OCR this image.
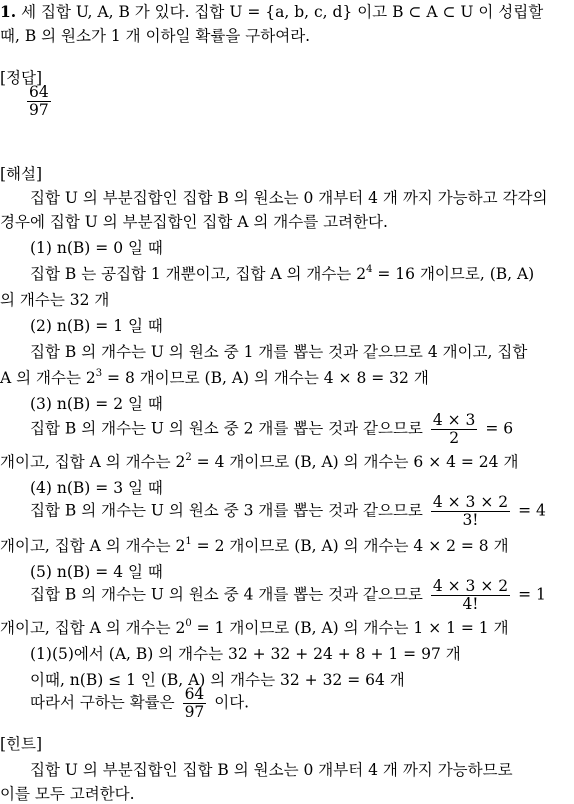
1. 세 집합 U, A, B 가 있다. 집합 U = {a, b, c, d} 이고 B ⊂ A ⊂ U 이 성립할
때, B 의 원소가 1 개 이하일 확률을 구하여라.
[정답]
$\frac{64}{97}$
[해설]
집합 U 의 부분집합인 집합 B 의 원소는 0 개부터 4 개 까지 가능하고 각각의
경우에 집합 U 의 부분집합인 집합 A 의 개수를 고려한다.
(1) n(B) = 0 일 때
집합 B 는 공집합 1 개뿐이고, 집합 A 의 개수는 $2^4 = 16$ 개이므로, (B, A)
의 개수는 32 개
(2) n(B) = 1 일 때
집합 B 의 개수는 U 의 원소 중 1 개를 뽑는 것과 같으므로 4 개이고, 집합
A 의 개수는 $2^3 = 8$ 개이므로 (B, A) 의 개수는 4 × 8 = 32 개
(3) n(B) = 2 일 때
집합 B 의 개수는 U 의 원소 중 2 개를 뽑는 것과 같으므로 $\frac{4 \times 3}{2} = 6$
개이고, 집합 A 의 개수는 $2^2 = 4$ 개이므로 (B, A) 의 개수는 6 × 4 = 24 개
(4) n(B) = 3 일 때
집합 B 의 개수는 U 의 원소 중 3 개를 뽑는 것과 같으므로 $\frac{4 \times 3 \times 2}{3!} = 4$
개이고, 집합 A 의 개수는 $2^1 = 2$ 개이므로 (B, A) 의 개수는 4 × 2 = 8 개
(5) n(B) = 4 일 때
집합 B 의 개수는 U 의 원소 중 4 개를 뽑는 것과 같으므로 $\frac{4 \times 3 \times 2}{4!} = 1$
개이고, 집합 A 의 개수는 $2^0 = 1$ 개이므로 (B, A) 의 개수는 1 × 1 = 1 개
(1)(5)에서 (A, B) 의 개수는 32 + 32 + 24 + 8 + 1 = 97 개
이때, n(B) ≤ 1 인 (B, A) 의 개수는 32 + 32 = 64 개
따라서 구하는 확률은 $\frac{64}{97}$ 이다.
[힌트]
집합 U 의 부분집합인 집합 B 의 원소는 0 개부터 4 개 까지 가능하므로
이를 모두 고려한다.
